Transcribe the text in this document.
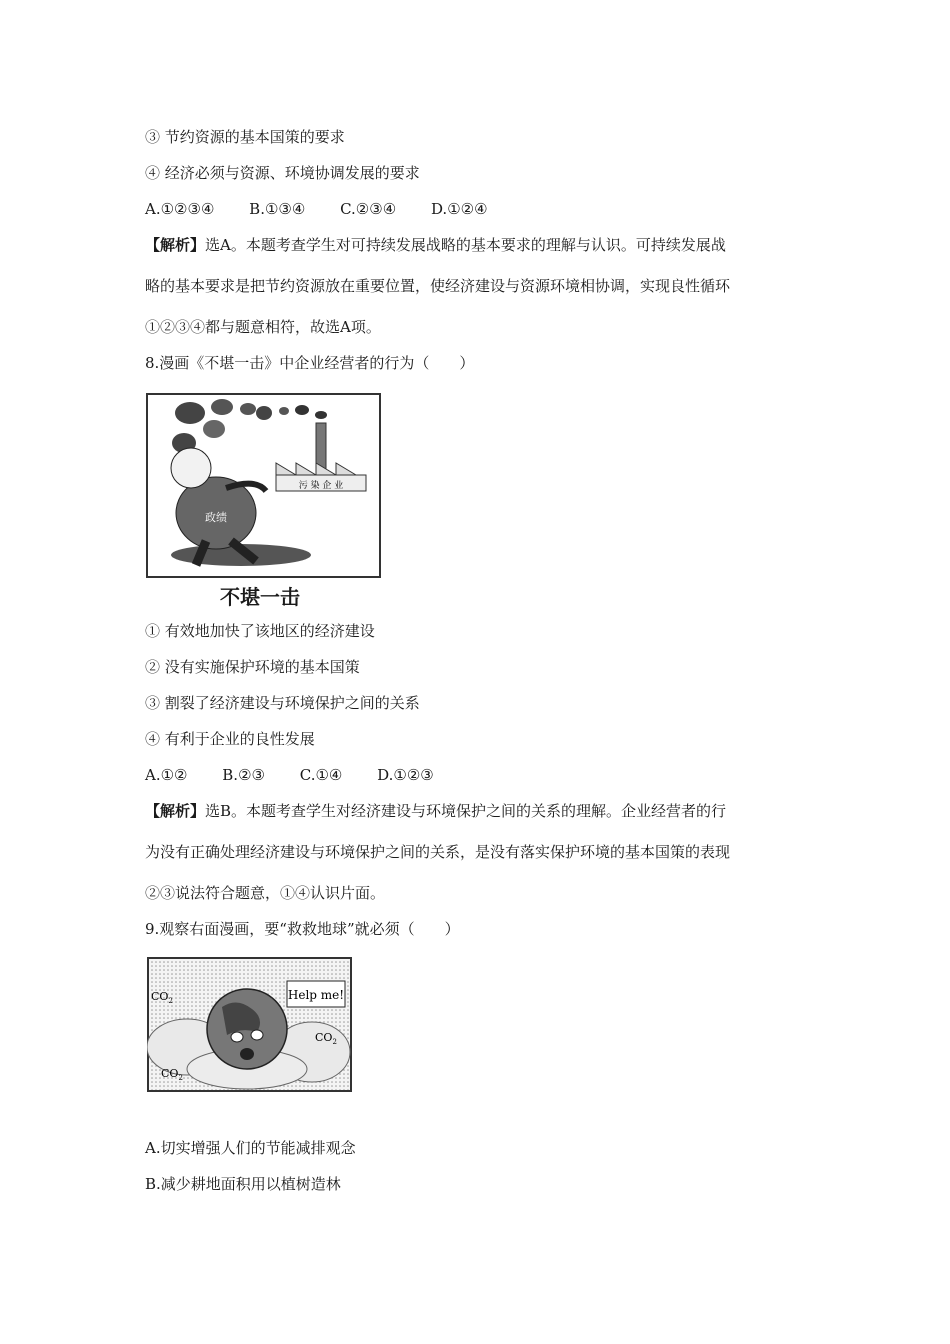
③ 节约资源的基本国策的要求
④ 经济必须与资源、环境协调发展的要求
A.①②③④ B.①③④ C.②③④ D.①②④
【解析】选A。本题考查学生对可持续发展战略的基本要求的理解与认识。可持续发展战
略的基本要求是把节约资源放在重要位置，使经济建设与资源环境相协调，实现良性循环
①②③④都与题意相符，故选A项。
8.漫画《不堪一击》中企业经营者的行为（　　）
污 染 企 业
政绩
不堪一击
① 有效地加快了该地区的经济建设
② 没有实施保护环境的基本国策
③ 割裂了经济建设与环境保护之间的关系
④ 有利于企业的良性发展
A.①② B.②③ C.①④ D.①②③
【解析】选B。本题考查学生对经济建设与环境保护之间的关系的理解。企业经营者的行
为没有正确处理经济建设与环境保护之间的关系，是没有落实保护环境的基本国策的表现
②③说法符合题意，①④认识片面。
9.观察右面漫画，要“救救地球”就必须（　　）
Help me!
$CO_2$
$CO_2$
$CO_2$
A.切实增强人们的节能减排观念
B.减少耕地面积用以植树造林
